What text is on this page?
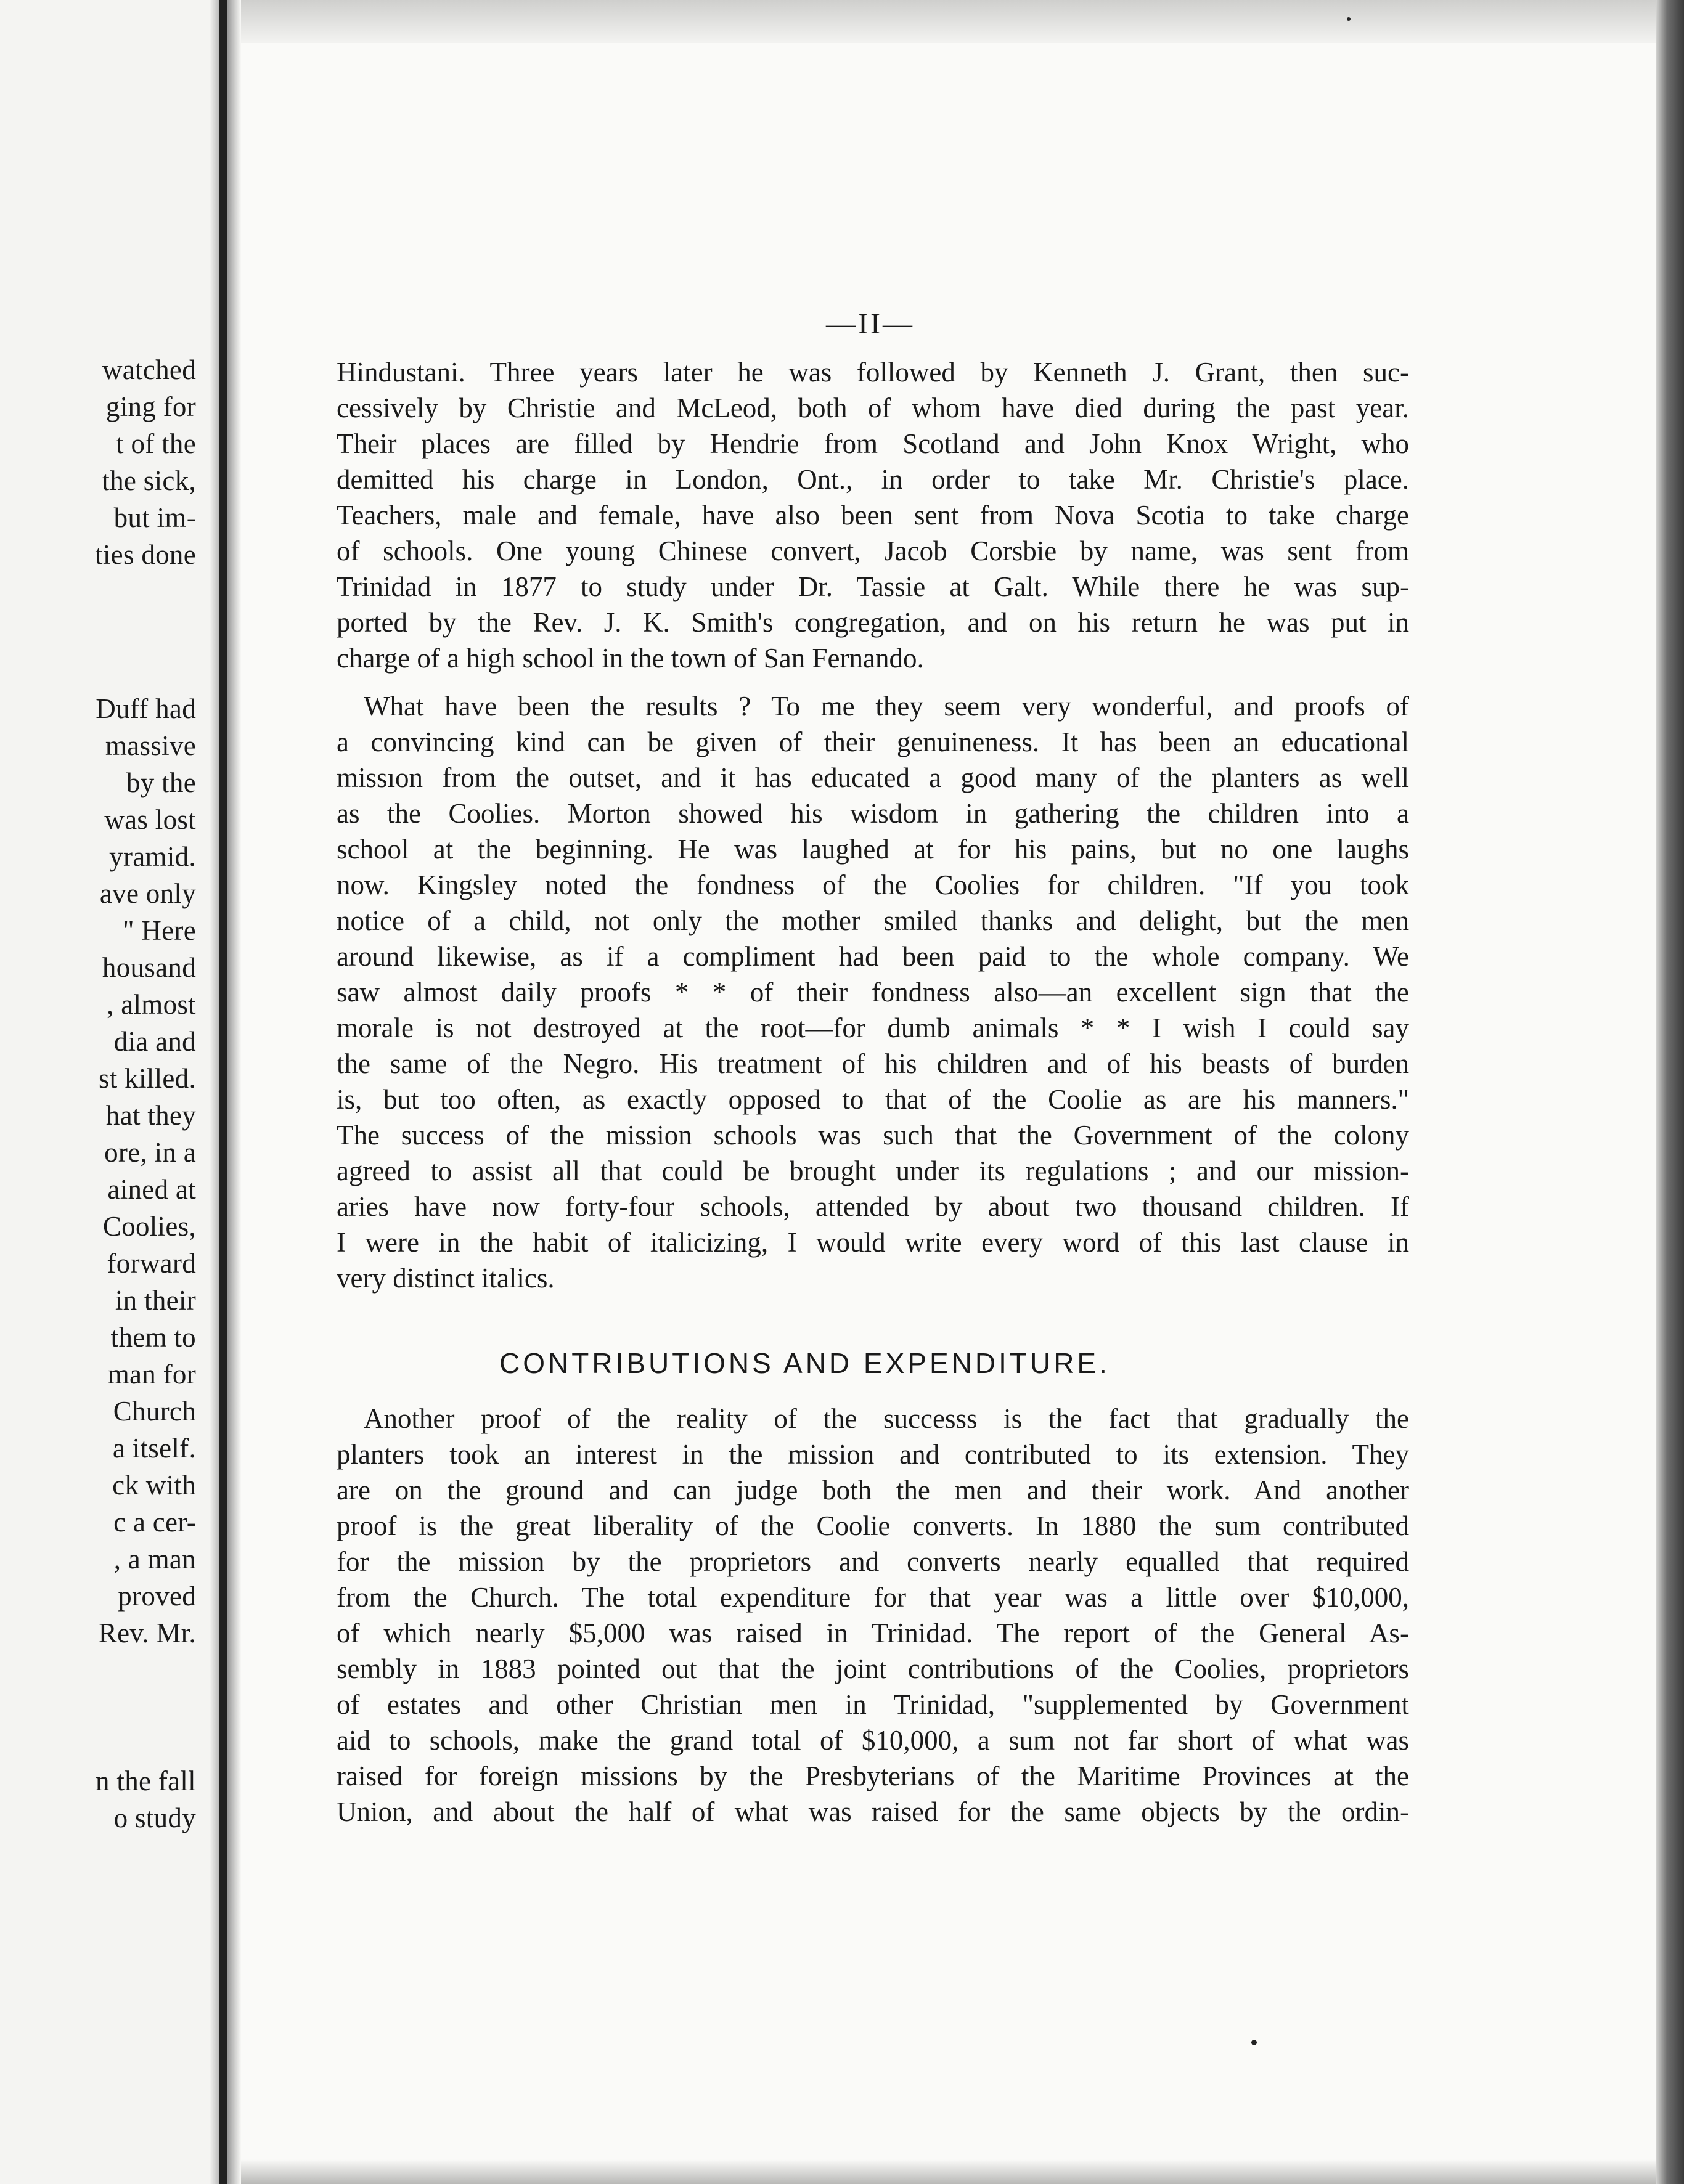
watched
ging for
t of the
the sick,
but im-
ties done
Duff had
massive
by the
was lost
yramid.
ave only
" Here
housand
, almost
dia and
st killed.
hat they
ore, in a
ained at
Coolies,
forward
in their
them to
man for
Church
a itself.
ck with
c a cer-
, a man
proved
Rev. Mr.
n the fall
o study
—II—
Hindustani. Three years later he was followed by Kenneth J. Grant, then suc-
cessively by Christie and McLeod, both of whom have died during the past year.
Their places are filled by Hendrie from Scotland and John Knox Wright, who
demitted his charge in London, Ont., in order to take Mr. Christie's place.
Teachers, male and female, have also been sent from Nova Scotia to take charge
of schools. One young Chinese convert, Jacob Corsbie by name, was sent from
Trinidad in 1877 to study under Dr. Tassie at Galt. While there he was sup-
ported by the Rev. J. K. Smith's congregation, and on his return he was put in
charge of a high school in the town of San Fernando.
What have been the results ? To me they seem very wonderful, and proofs of
a convincing kind can be given of their genuineness. It has been an educational
missıon from the outset, and it has educated a good many of the planters as well
as the Coolies. Morton showed his wisdom in gathering the children into a
school at the beginning. He was laughed at for his pains, but no one laughs
now. Kingsley noted the fondness of the Coolies for children. "If you took
notice of a child, not only the mother smiled thanks and delight, but the men
around likewise, as if a compliment had been paid to the whole company. We
saw almost daily proofs * * of their fondness also—an excellent sign that the
morale is not destroyed at the root—for dumb animals * * I wish I could say
the same of the Negro. His treatment of his children and of his beasts of burden
is, but too often, as exactly opposed to that of the Coolie as are his manners."
The success of the mission schools was such that the Government of the colony
agreed to assist all that could be brought under its regulations ; and our mission-
aries have now forty-four schools, attended by about two thousand children. If
I were in the habit of italicizing, I would write every word of this last clause in
very distinct italics.
CONTRIBUTIONS AND EXPENDITURE.
Another proof of the reality of the successs is the fact that gradually the
planters took an interest in the mission and contributed to its extension. They
are on the ground and can judge both the men and their work. And another
proof is the great liberality of the Coolie converts. In 1880 the sum contributed
for the mission by the proprietors and converts nearly equalled that required
from the Church. The total expenditure for that year was a little over $10,000,
of which nearly $5,000 was raised in Trinidad. The report of the General As-
sembly in 1883 pointed out that the joint contributions of the Coolies, proprietors
of estates and other Christian men in Trinidad, "supplemented by Government
aid to schools, make the grand total of $10,000, a sum not far short of what was
raised for foreign missions by the Presbyterians of the Maritime Provinces at the
Union, and about the half of what was raised for the same objects by the ordin-
